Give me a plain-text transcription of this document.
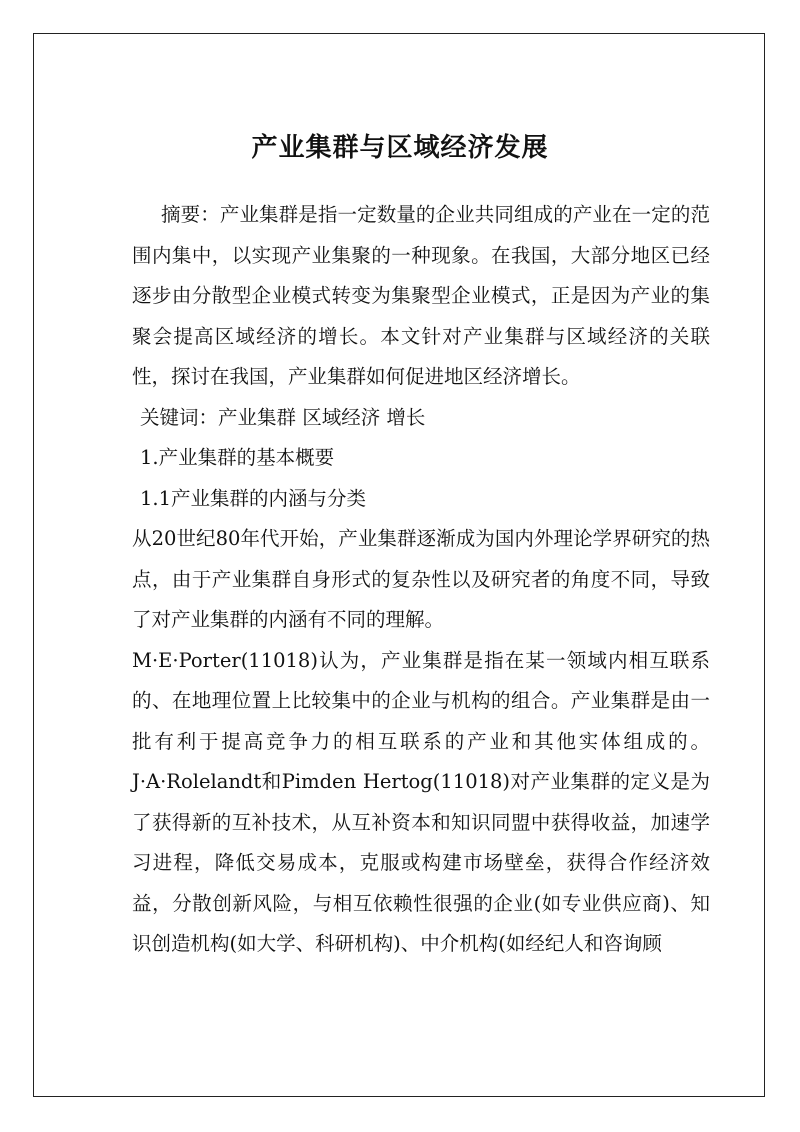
产业集群与区域经济发展

摘要：产业集群是指一定数量的企业共同组成的产业在一定的范围内集中，以实现产业集聚的一种现象。在我国，大部分地区已经逐步由分散型企业模式转变为集聚型企业模式，正是因为产业的集聚会提高区域经济的增长。本文针对产业集群与区域经济的关联性，探讨在我国，产业集群如何促进地区经济增长。

关键词：产业集群 区域经济 增长

1.产业集群的基本概要

1.1产业集群的内涵与分类

从20世纪80年代开始，产业集群逐渐成为国内外理论学界研究的热点，由于产业集群自身形式的复杂性以及研究者的角度不同，导致了对产业集群的内涵有不同的理解。

M·E·Porter(11018)认为，产业集群是指在某一领域内相互联系的、在地理位置上比较集中的企业与机构的组合。产业集群是由一批有利于提高竞争力的相互联系的产业和其他实体组成的。J·A·Rolelandt和Pimden Hertog(11018)对产业集群的定义是为了获得新的互补技术，从互补资本和知识同盟中获得收益，加速学习进程，降低交易成本，克服或构建市场壁垒，获得合作经济效益，分散创新风险，与相互依赖性很强的企业(如专业供应商)、知识创造机构(如大学、科研机构)、中介机构(如经纪人和咨询顾
